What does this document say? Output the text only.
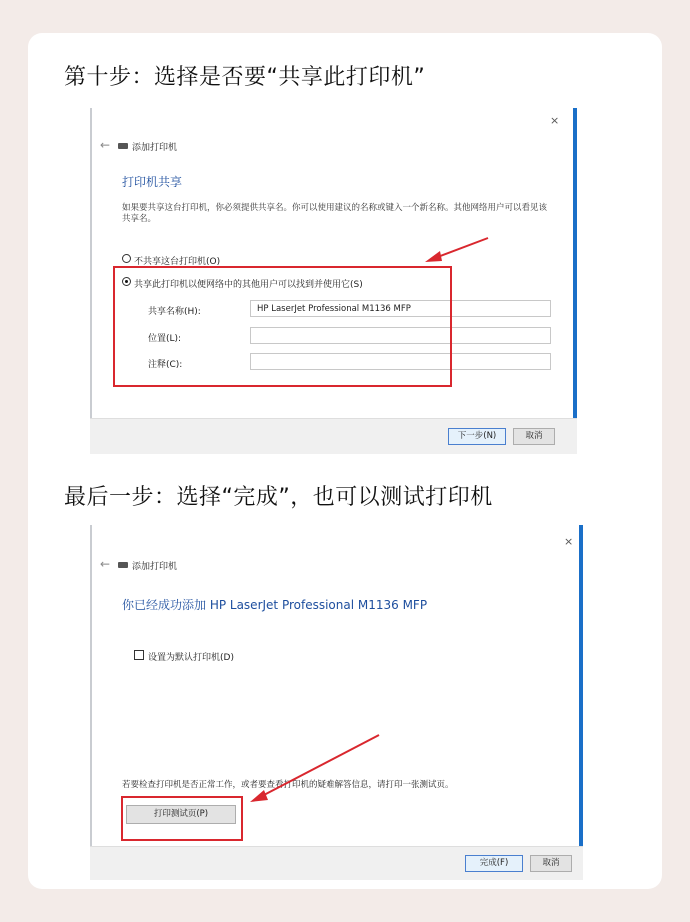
第十步：选择是否要“共享此打印机”
×
← 添加打印机
打印机共享
如果要共享这台打印机，你必须提供共享名。你可以使用建议的名称或键入一个新名称。其他网络用户可以看见该共享名。
不共享这台打印机(O)
共享此打印机以便网络中的其他用户可以找到并使用它(S)
共享名称(H):	HP LaserJet Professional M1136 MFP
位置(L):
注释(C):
下一步(N)	取消
最后一步：选择“完成”，也可以测试打印机
×
← 添加打印机
你已经成功添加 HP LaserJet Professional M1136 MFP
设置为默认打印机(D)
若要检查打印机是否正常工作，或者要查看打印机的疑难解答信息，请打印一张测试页。
打印测试页(P)
完成(F)	取消
